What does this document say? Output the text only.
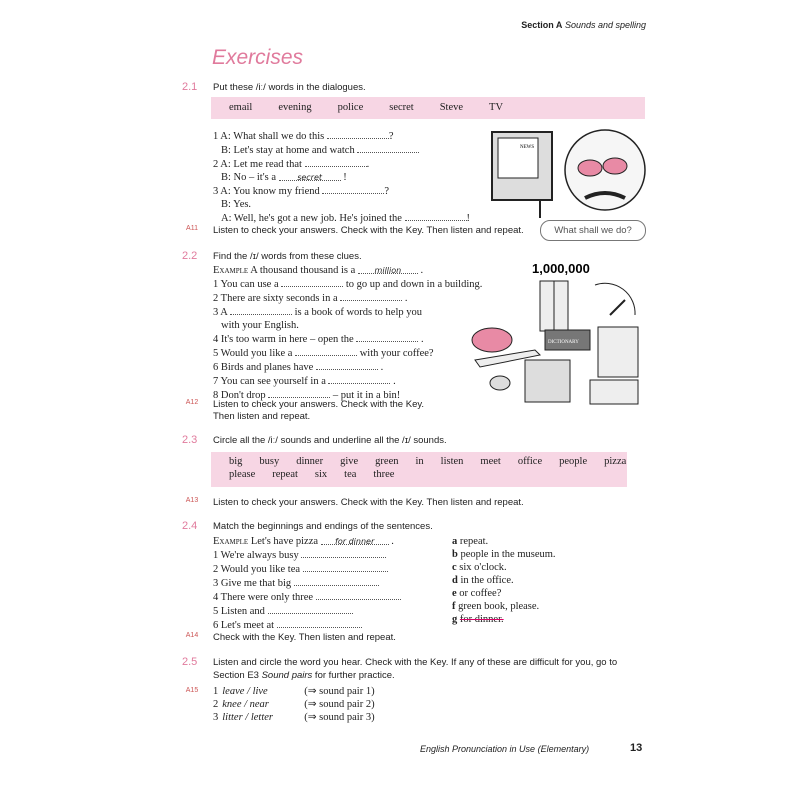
Section A Sounds and spelling
Exercises
2.1 Put these /iː/ words in the dialogues.
email evening police secret Steve TV
1 A: What shall we do this	?
B: Let's stay at home and watch
2 A: Let me read that	.
B: No – it's a secret !
3 A: You know my friend	?
B: Yes.
A: Well, he's got a new job. He's joined the	!
A11	Listen to check your answers. Check with the Key. Then listen and repeat.
NEWS
What shall we do?
2.2 Find the /ɪ/ words from these clues.
Example A thousand thousand is a million .
1 You can use a	to go up and down in a building.
2 There are sixty seconds in a	.
3 A	is a book of words to help you
with your English.
4 It's too warm in here – open the	.
5 Would you like a	with your coffee?
6 Birds and planes have	.
7 You can see yourself in a	.
8 Don't drop	– put it in a bin!
A12	Listen to check your answers. Check with the Key.
Then listen and repeat.
1,000,000
DICTIONARY
2.3 Circle all the /iː/ sounds and underline all the /ɪ/ sounds.
big busy dinner give green in listen meet office people pizza
please repeat six tea three
A13	Listen to check your answers. Check with the Key. Then listen and repeat.
2.4 Match the beginnings and endings of the sentences.
Example Let's have pizza for dinner .
1 We're always busy
2 Would you like tea
3 Give me that big
4 There were only three
5 Listen and
6 Let's meet at
a repeat.
b people in the museum.
c six o'clock.
d in the office.
e or coffee?
f green book, please.
g for dinner.
A14	Check with the Key. Then listen and repeat.
2.5 Listen and circle the word you hear. Check with the Key. If any of these are difficult for you, go to
Section E3 Sound pairs for further practice.
A15	1 leave / live	(⇒ sound pair 1)
2 knee / near	(⇒ sound pair 2)
3 litter / letter	(⇒ sound pair 3)
English Pronunciation in Use (Elementary)	13
